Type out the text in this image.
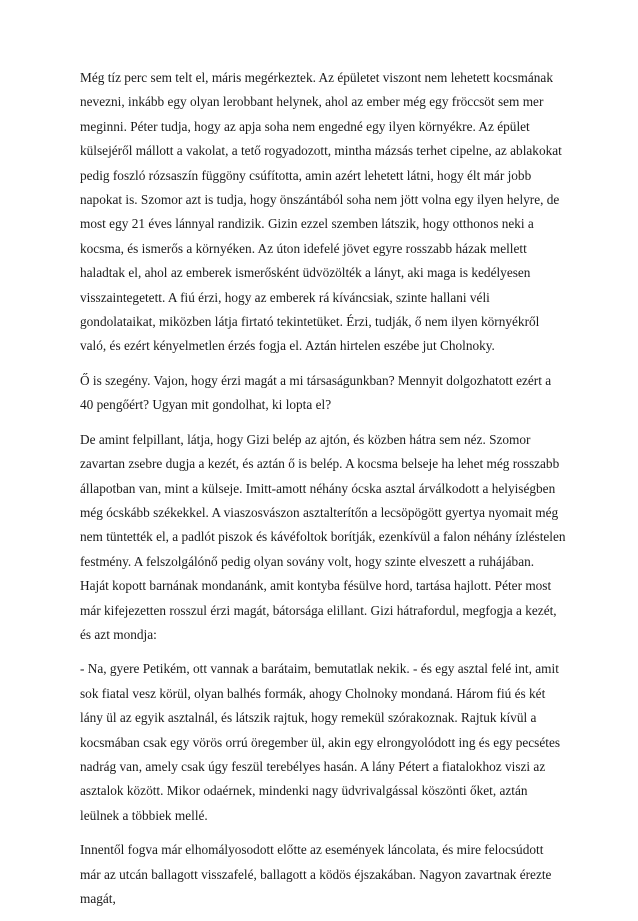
Még tíz perc sem telt el, máris megérkeztek. Az épületet viszont nem lehetett kocsmának nevezni, inkább egy olyan lerobbant helynek, ahol az ember még egy fröccsöt sem mer meginni. Péter tudja, hogy az apja soha nem engedné egy ilyen környékre. Az épület külsejéről mállott a vakolat, a tető rogyadozott, mintha mázsás terhet cipelne, az ablakokat pedig foszló rózsaszín függöny csúfította, amin azért lehetett látni, hogy élt már jobb napokat is. Szomor azt is tudja, hogy önszántából soha nem jött volna egy ilyen helyre, de most egy 21 éves lánnyal randizik. Gizin ezzel szemben látszik, hogy otthonos neki a kocsma, és ismerős a környéken. Az úton idefelé jövet egyre rosszabb házak mellett haladtak el, ahol az emberek ismerősként üdvözölték a lányt, aki maga is kedélyesen visszaintegetett. A fiú érzi, hogy az emberek rá kíváncsiak, szinte hallani véli gondolataikat, miközben látja firtató tekintetüket. Érzi, tudják, ő nem ilyen környékről való, és ezért kényelmetlen érzés fogja el. Aztán hirtelen eszébe jut Cholnoky.

Ő is szegény. Vajon, hogy érzi magát a mi társaságunkban? Mennyit dolgozhatott ezért a 40 pengőért? Ugyan mit gondolhat, ki lopta el?

De amint felpillant, látja, hogy Gizi belép az ajtón, és közben hátra sem néz. Szomor zavartan zsebre dugja a kezét, és aztán ő is belép. A kocsma belseje ha lehet még rosszabb állapotban van, mint a külseje. Imitt-amott néhány ócska asztal árválkodott a helyiségben még ócskább székekkel. A viaszosvászon asztalterítőn a lecsöpögött gyertya nyomait még nem tüntették el, a padlót piszok és kávéfoltok borítják, ezenkívül a falon néhány ízléstelen festmény. A felszolgálónő pedig olyan sovány volt, hogy szinte elveszett a ruhájában. Haját kopott barnának mondanánk, amit kontyba fésülve hord, tartása hajlott. Péter most már kifejezetten rosszul érzi magát, bátorsága elillant. Gizi hátrafordul, megfogja a kezét, és azt mondja:

- Na, gyere Petikém, ott vannak a barátaim, bemutatlak nekik. - és egy asztal felé int, amit sok fiatal vesz körül, olyan balhés formák, ahogy Cholnoky mondaná. Három fiú és két lány ül az egyik asztalnál, és látszik rajtuk, hogy remekül szórakoznak. Rajtuk kívül a kocsmában csak egy vörös orrú öregember ül, akin egy elrongyolódott ing és egy pecsétes nadrág van, amely csak úgy feszül terebélyes hasán. A lány Pétert a fiatalokhoz viszi az asztalok között. Mikor odaérnek, mindenki nagy üdvrivalgással köszönti őket, aztán leülnek a többiek mellé.

Innentől fogva már elhomályosodott előtte az események láncolata, és mire felocsúdott már az utcán ballagott visszafelé, ballagott a ködös éjszakában. Nagyon zavartnak érezte magát,
